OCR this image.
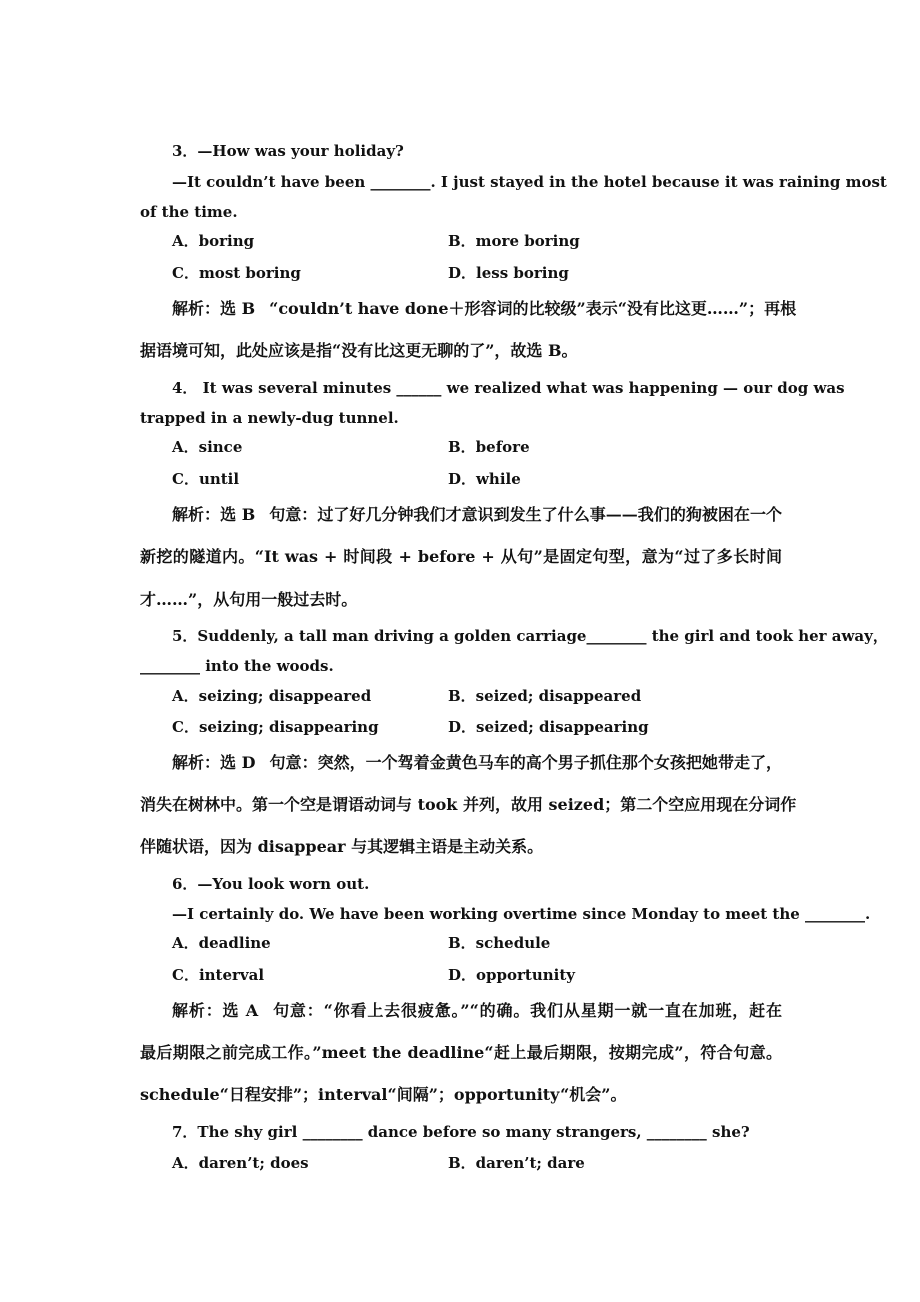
3．—How was your holiday?
—It couldn’t have been ________. I just stayed in the hotel because it was raining most
of the time.
A．boring	B．more boring
C．most boring	D．less boring
解析：选 B “couldn’t have done＋形容词的比较级”表示“没有比这更……”；再根
据语境可知，此处应该是指“没有比这更无聊的了”，故选 B。
4． It was several minutes ______ we realized what was happening — our dog was
trapped in a newly-dug tunnel.
A．since	B．before
C．until	D．while
解析：选 B 句意：过了好几分钟我们才意识到发生了什么事——我们的狗被困在一个
新挖的隧道内。“It was + 时间段 + before + 从句”是固定句型，意为“过了多长时间
才……”，从句用一般过去时。
5．Suddenly, a tall man driving a golden carriage________ the girl and took her away，
________ into the woods.
A．seizing; disappeared	B．seized; disappeared
C．seizing; disappearing	D．seized; disappearing
解析：选 D 句意：突然，一个驾着金黄色马车的高个男子抓住那个女孩把她带走了，
消失在树林中。第一个空是谓语动词与 took 并列，故用 seized；第二个空应用现在分词作
伴随状语，因为 disappear 与其逻辑主语是主动关系。
6．—You look worn out.
—I certainly do. We have been working overtime since Monday to meet the ________.
A．deadline	B．schedule
C．interval	D．opportunity
解析：选 A 句意：“你看上去很疲惫。”“的确。我们从星期一就一直在加班，赶在
最后期限之前完成工作。”meet the deadline“赶上最后期限，按期完成”，符合句意。
schedule“日程安排”；interval“间隔”；opportunity“机会”。
7．The shy girl ________ dance before so many strangers, ________ she?
A．daren’t; does	B．daren’t; dare
